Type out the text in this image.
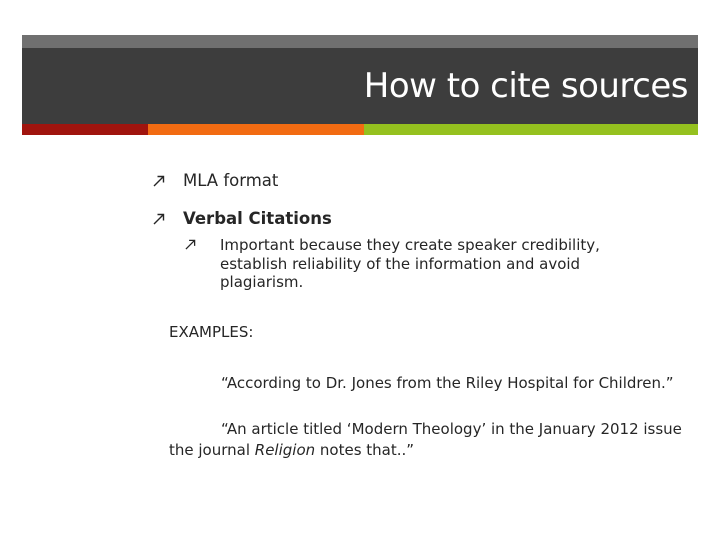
How to cite sources
MLA format
Verbal Citations
Important because they create speaker credibility, establish reliability of the information and avoid plagiarism.
EXAMPLES:
“According to Dr. Jones from the Riley Hospital for Children.”
“An article titled ‘Modern Theology’ in the January 2012 issue the journal Religion notes that..”
